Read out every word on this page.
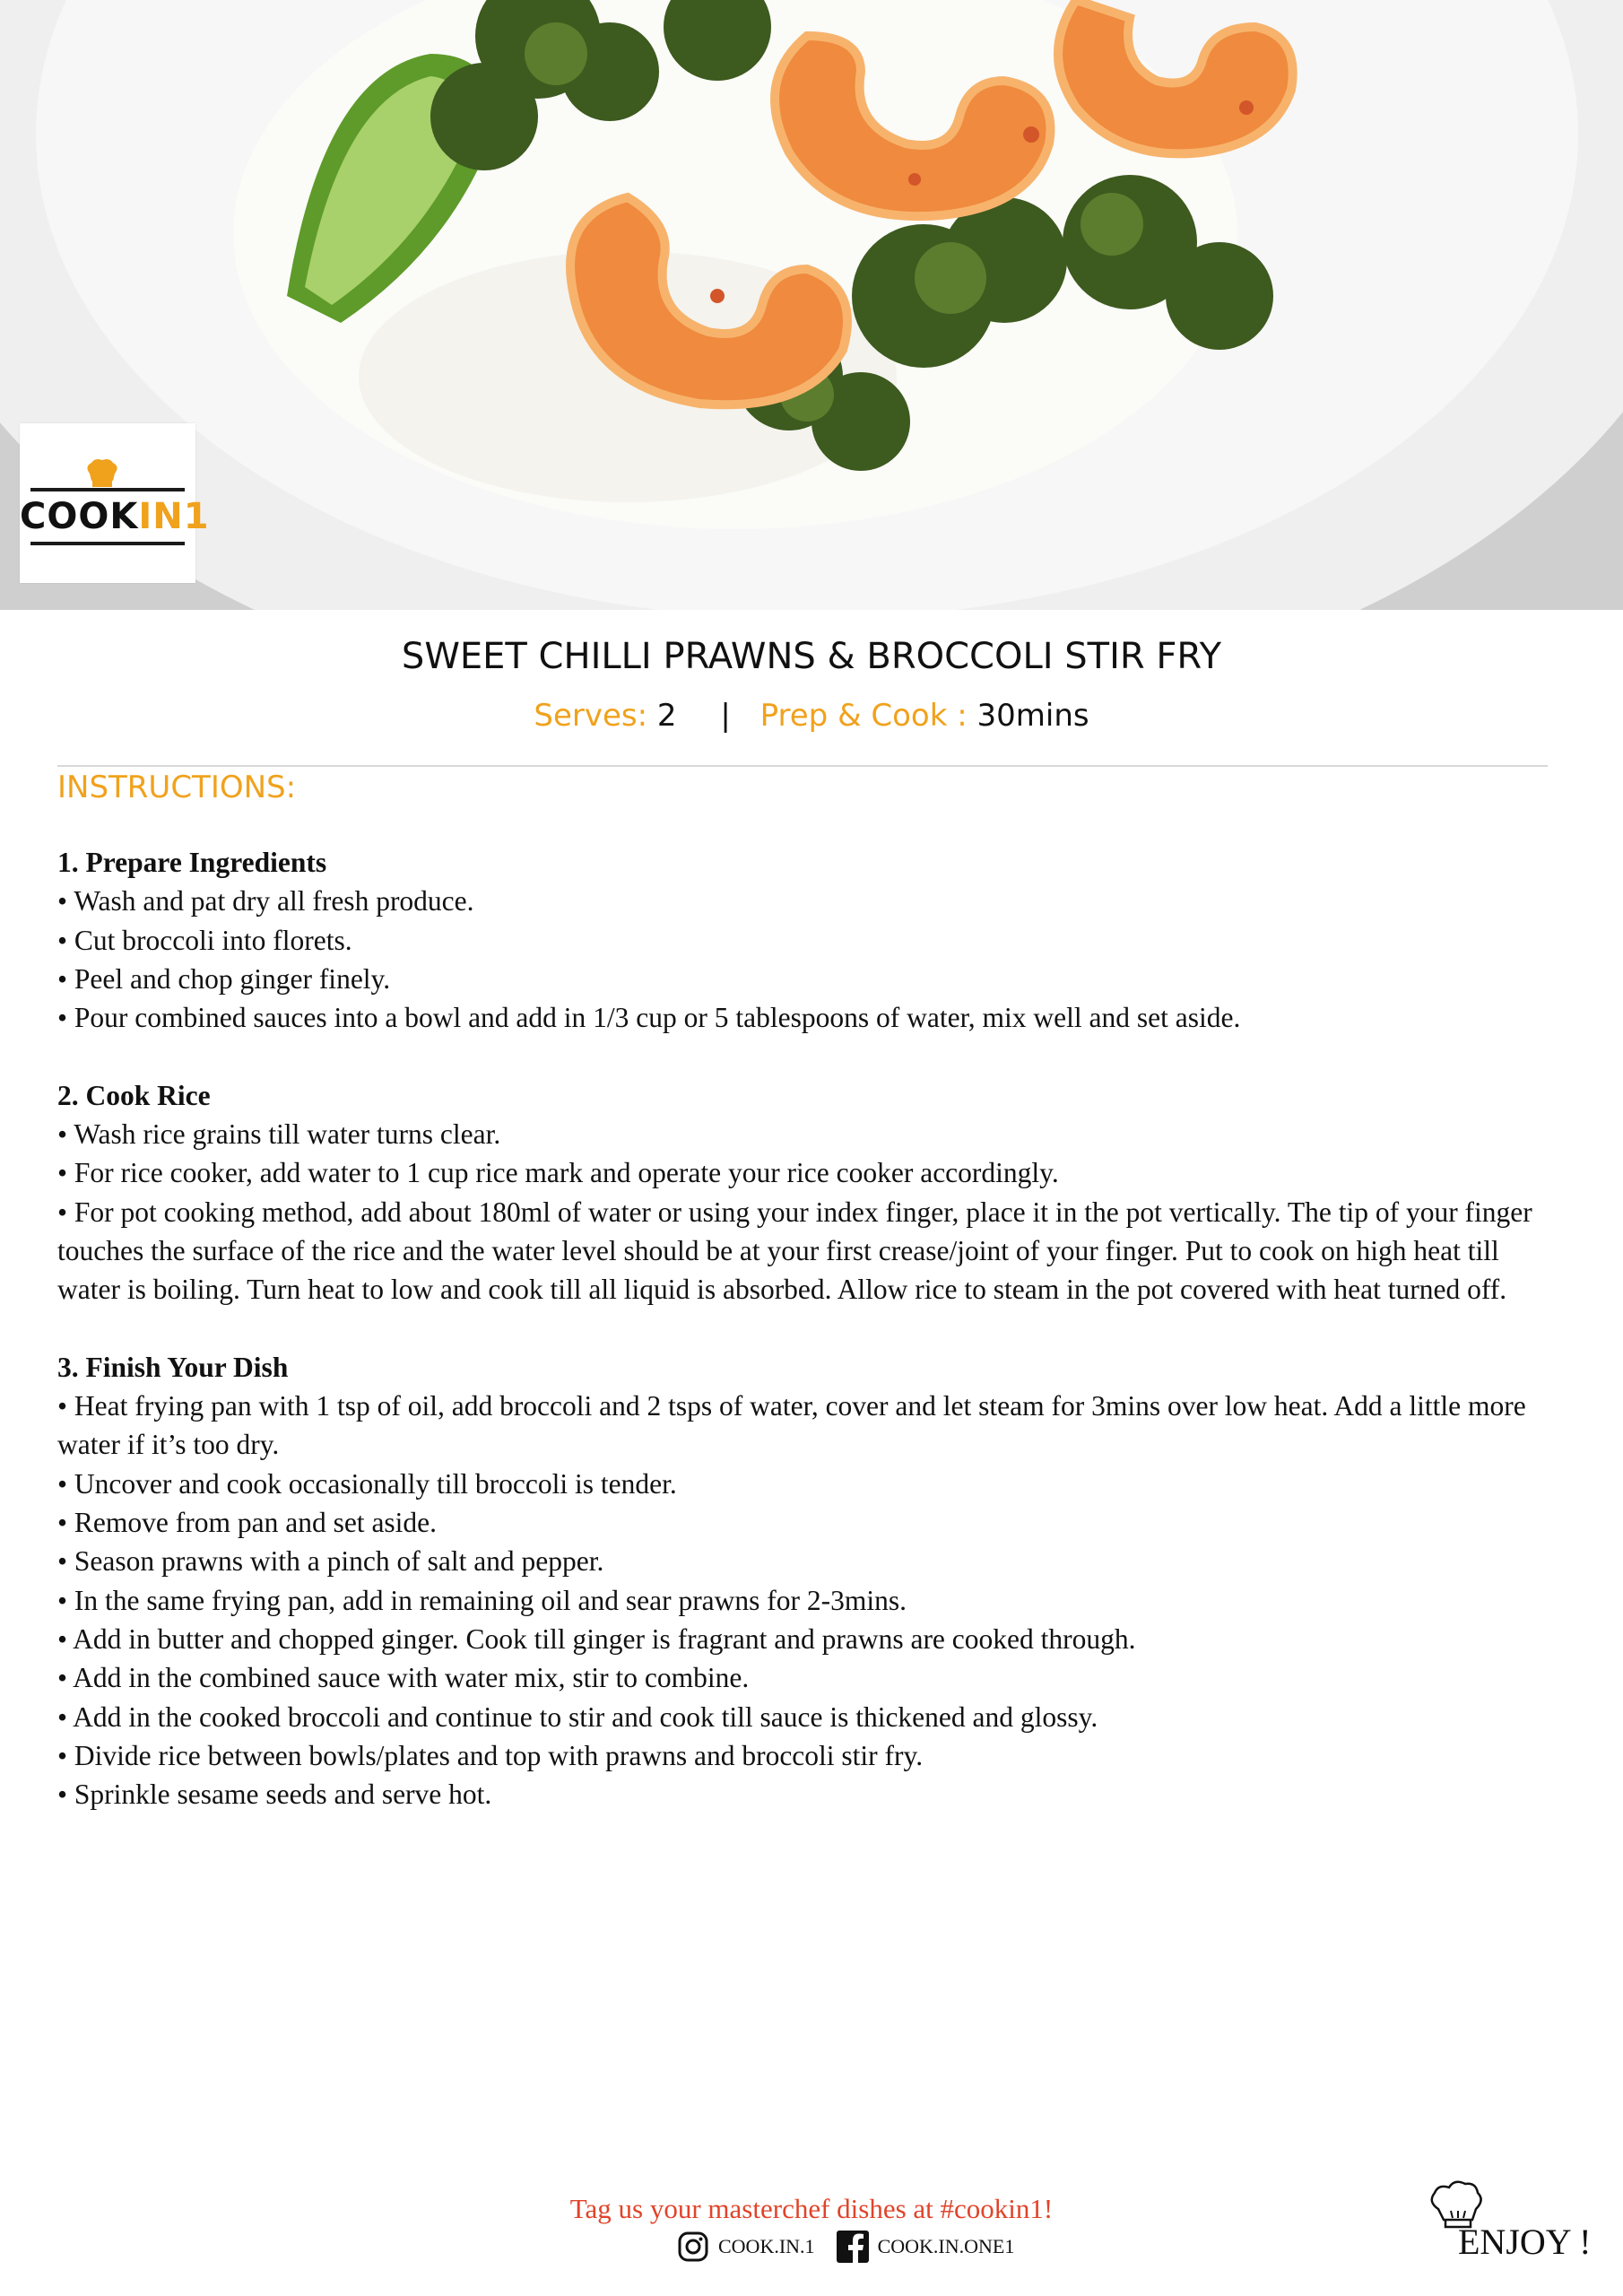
COOKIN1
SWEET CHILLI PRAWNS & BROCCOLI STIR FRY
Serves: 2 | Prep & Cook : 30mins
INSTRUCTIONS:
1. Prepare Ingredients

• Wash and pat dry all fresh produce.

• Cut broccoli into florets.

• Peel and chop ginger finely.

• Pour combined sauces into a bowl and add in 1/3 cup or 5 tablespoons of water, mix well and set aside.

2. Cook Rice

• Wash rice grains till water turns clear.

• For rice cooker, add water to 1 cup rice mark and operate your rice cooker accordingly.

• For pot cooking method, add about 180ml of water or using your index finger, place it in the pot vertically. The tip of your finger touches the surface of the rice and the water level should be at your first crease/joint of your finger. Put to cook on high heat till water is boiling. Turn heat to low and cook till all liquid is absorbed. Allow rice to steam in the pot covered with heat turned off.

3. Finish Your Dish

• Heat frying pan with 1 tsp of oil, add broccoli and 2 tsps of water, cover and let steam for 3mins over low heat. Add a little more water if it’s too dry.

• Uncover and cook occasionally till broccoli is tender.

• Remove from pan and set aside.

• Season prawns with a pinch of salt and pepper.

• In the same frying pan, add in remaining oil and sear prawns for 2-3mins.

• Add in butter and chopped ginger. Cook till ginger is fragrant and prawns are cooked through.

• Add in the combined sauce with water mix, stir to combine.

• Add in the cooked broccoli and continue to stir and cook till sauce is thickened and glossy.

• Divide rice between bowls/plates and top with prawns and broccoli stir fry.

• Sprinkle sesame seeds and serve hot.

Tag us your masterchef dishes at #cookin1!
COOK.IN.1	COOK.IN.ONE1	ENJOY !
